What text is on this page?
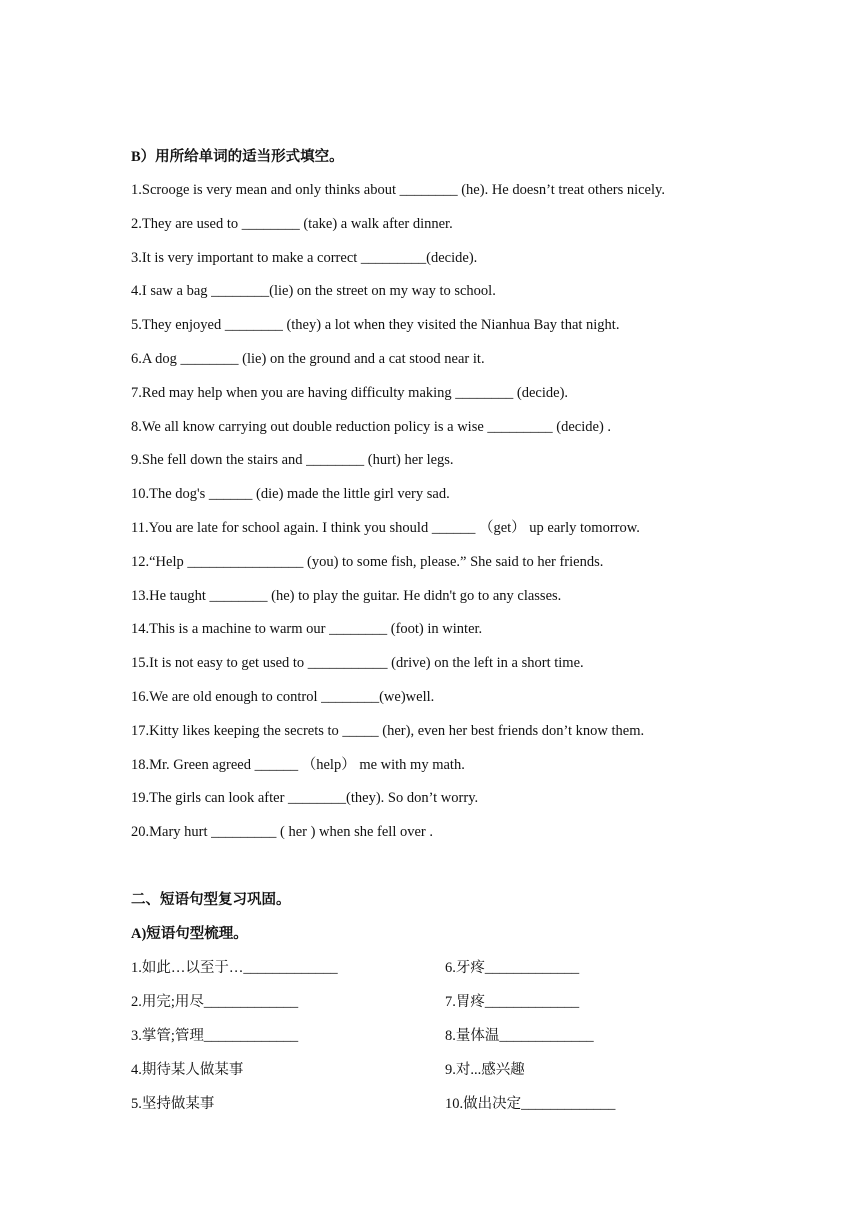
B）用所给单词的适当形式填空。
1.Scrooge is very mean and only thinks about ________ (he). He doesn’t treat others nicely.
2.They are used to ________ (take) a walk after dinner.
3.It is very important to make a correct _________(decide).
4.I saw a bag ________(lie) on the street on my way to school.
5.They enjoyed ________ (they) a lot when they visited the Nianhua Bay that night.
6.A dog ________ (lie) on the ground and a cat stood near it.
7.Red may help when you are having difficulty making ________ (decide).
8.We all know carrying out double reduction policy is a wise _________ (decide) .
9.She fell down the stairs and ________ (hurt) her legs.
10.The dog's ______ (die) made the little girl very sad.
11.You are late for school again. I think you should ______ （get） up early tomorrow.
12.“Help ________________ (you) to some fish, please.” She said to her friends.
13.He taught ________ (he) to play the guitar. He didn't go to any classes.
14.This is a machine to warm our ________ (foot) in winter.
15.It is not easy to get used to ___________ (drive) on the left in a short time.
16.We are old enough to control ________(we)well.
17.Kitty likes keeping the secrets to _____ (her), even her best friends don’t know them.
18.Mr. Green agreed ______ （help） me with my math.
19.The girls can look after ________(they). So don’t worry.
20.Mary hurt _________ ( her ) when she fell over .
二、短语句型复习巩固。
A)短语句型梳理。
1.如此…以至于…_____________	6.牙疼_____________
2.用完;用尽_____________	7.胃疼_____________
3.掌管;管理_____________	8.量体温_____________
4.期待某人做某事	9.对...感兴趣
5.坚持做某事	10.做出决定_____________
